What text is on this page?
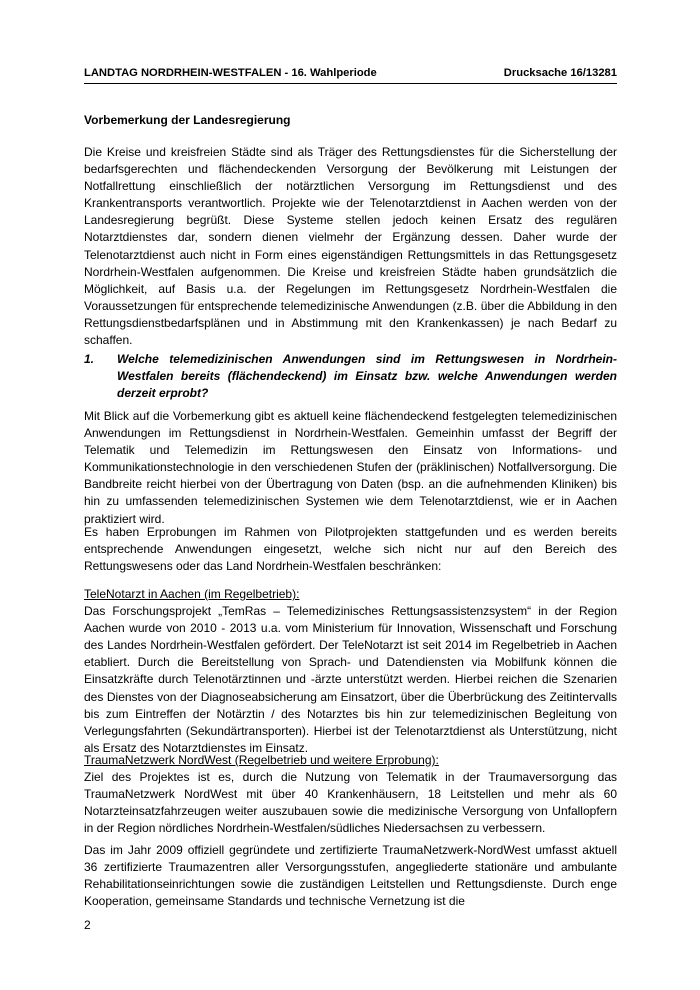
LANDTAG NORDRHEIN-WESTFALEN - 16. Wahlperiode	Drucksache 16/13281
Vorbemerkung der Landesregierung

Die Kreise und kreisfreien Städte sind als Träger des Rettungsdienstes für die Sicherstellung der bedarfsgerechten und flächendeckenden Versorgung der Bevölkerung mit Leistungen der Notfallrettung einschließlich der notärztlichen Versorgung im Rettungsdienst und des Krankentransports verantwortlich. Projekte wie der Telenotarztdienst in Aachen werden von der Landesregierung begrüßt. Diese Systeme stellen jedoch keinen Ersatz des regulären Notarztdienstes dar, sondern dienen vielmehr der Ergänzung dessen. Daher wurde der Telenotarztdienst auch nicht in Form eines eigenständigen Rettungsmittels in das Rettungsgesetz Nordrhein-Westfalen aufgenommen. Die Kreise und kreisfreien Städte haben grundsätzlich die Möglichkeit, auf Basis u.a. der Regelungen im Rettungsgesetz Nordrhein-Westfalen die Voraussetzungen für entsprechende telemedizinische Anwendungen (z.B. über die Abbildung in den Rettungsdienstbedarfsplänen und in Abstimmung mit den Krankenkassen) je nach Bedarf zu schaffen.

1. Welche telemedizinischen Anwendungen sind im Rettungswesen in Nordrhein-Westfalen bereits (flächendeckend) im Einsatz bzw. welche Anwendungen werden derzeit erprobt?

Mit Blick auf die Vorbemerkung gibt es aktuell keine flächendeckend festgelegten telemedizinischen Anwendungen im Rettungsdienst in Nordrhein-Westfalen. Gemeinhin umfasst der Begriff der Telematik und Telemedizin im Rettungswesen den Einsatz von Informations- und Kommunikationstechnologie in den verschiedenen Stufen der (präklinischen) Notfallversorgung. Die Bandbreite reicht hierbei von der Übertragung von Daten (bsp. an die aufnehmenden Kliniken) bis hin zu umfassenden telemedizinischen Systemen wie dem Telenotarztdienst, wie er in Aachen praktiziert wird.

Es haben Erprobungen im Rahmen von Pilotprojekten stattgefunden und es werden bereits entsprechende Anwendungen eingesetzt, welche sich nicht nur auf den Bereich des Rettungswesens oder das Land Nordrhein-Westfalen beschränken:

TeleNotarzt in Aachen (im Regelbetrieb):
Das Forschungsprojekt „TemRas – Telemedizinisches Rettungsassistenzsystem“ in der Region Aachen wurde von 2010 - 2013 u.a. vom Ministerium für Innovation, Wissenschaft und Forschung des Landes Nordrhein-Westfalen gefördert. Der TeleNotarzt ist seit 2014 im Regelbetrieb in Aachen etabliert. Durch die Bereitstellung von Sprach- und Datendiensten via Mobilfunk können die Einsatzkräfte durch Telenotärztinnen und -ärzte unterstützt werden. Hierbei reichen die Szenarien des Dienstes von der Diagnoseabsicherung am Einsatzort, über die Überbrückung des Zeitintervalls bis zum Eintreffen der Notärztin / des Notarztes bis hin zur telemedizinischen Begleitung von Verlegungsfahrten (Sekundärtransporten). Hierbei ist der Telenotarztdienst als Unterstützung, nicht als Ersatz des Notarztdienstes im Einsatz.
TraumaNetzwerk NordWest (Regelbetrieb und weitere Erprobung):
Ziel des Projektes ist es, durch die Nutzung von Telematik in der Traumaversorgung das TraumaNetzwerk NordWest mit über 40 Krankenhäusern, 18 Leitstellen und mehr als 60 Notarzteinsatzfahrzeugen weiter auszubauen sowie die medizinische Versorgung von Unfallopfern in der Region nördliches Nordrhein-Westfalen/südliches Niedersachsen zu verbessern.

Das im Jahr 2009 offiziell gegründete und zertifizierte TraumaNetzwerk-NordWest umfasst aktuell 36 zertifizierte Traumazentren aller Versorgungsstufen, angegliederte stationäre und ambulante Rehabilitationseinrichtungen sowie die zuständigen Leitstellen und Rettungsdienste. Durch enge Kooperation, gemeinsame Standards und technische Vernetzung ist die

2
